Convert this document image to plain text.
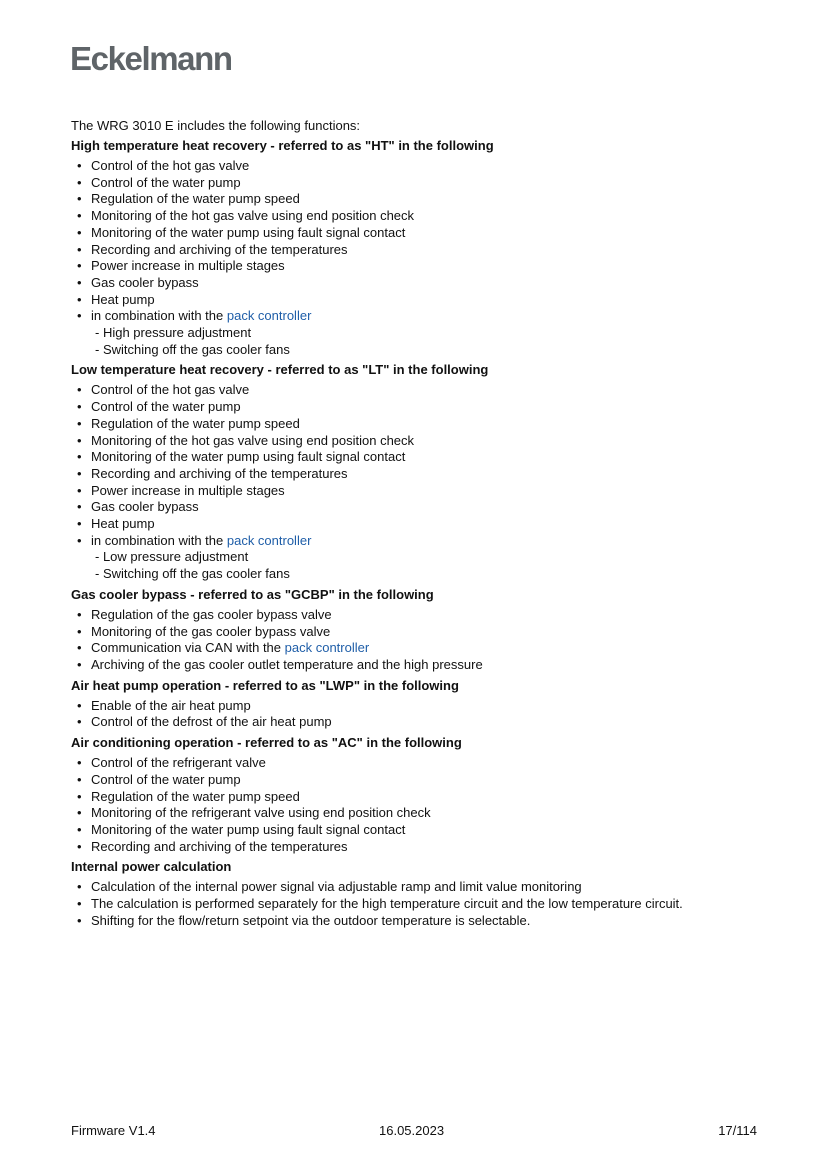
Eckelmann

The WRG 3010 E includes the following functions:

High temperature heat recovery - referred to as "HT" in the following
• Control of the hot gas valve
• Control of the water pump
• Regulation of the water pump speed
• Monitoring of the hot gas valve using end position check
• Monitoring of the water pump using fault signal contact
• Recording and archiving of the temperatures
• Power increase in multiple stages
• Gas cooler bypass
• Heat pump
• in combination with the pack controller
- High pressure adjustment
- Switching off the gas cooler fans
Low temperature heat recovery - referred to as "LT" in the following
• Control of the hot gas valve
• Control of the water pump
• Regulation of the water pump speed
• Monitoring of the hot gas valve using end position check
• Monitoring of the water pump using fault signal contact
• Recording and archiving of the temperatures
• Power increase in multiple stages
• Gas cooler bypass
• Heat pump
• in combination with the pack controller
- Low pressure adjustment
- Switching off the gas cooler fans
Gas cooler bypass - referred to as "GCBP" in the following
• Regulation of the gas cooler bypass valve
• Monitoring of the gas cooler bypass valve
• Communication via CAN with the pack controller
• Archiving of the gas cooler outlet temperature and the high pressure
Air heat pump operation - referred to as "LWP" in the following
• Enable of the air heat pump
• Control of the defrost of the air heat pump
Air conditioning operation - referred to as "AC" in the following
• Control of the refrigerant valve
• Control of the water pump
• Regulation of the water pump speed
• Monitoring of the refrigerant valve using end position check
• Monitoring of the water pump using fault signal contact
• Recording and archiving of the temperatures
Internal power calculation
• Calculation of the internal power signal via adjustable ramp and limit value monitoring
• The calculation is performed separately for the high temperature circuit and the low temperature circuit.
• Shifting for the flow/return setpoint via the outdoor temperature is selectable.
Firmware V1.4	16.05.2023	17/114
